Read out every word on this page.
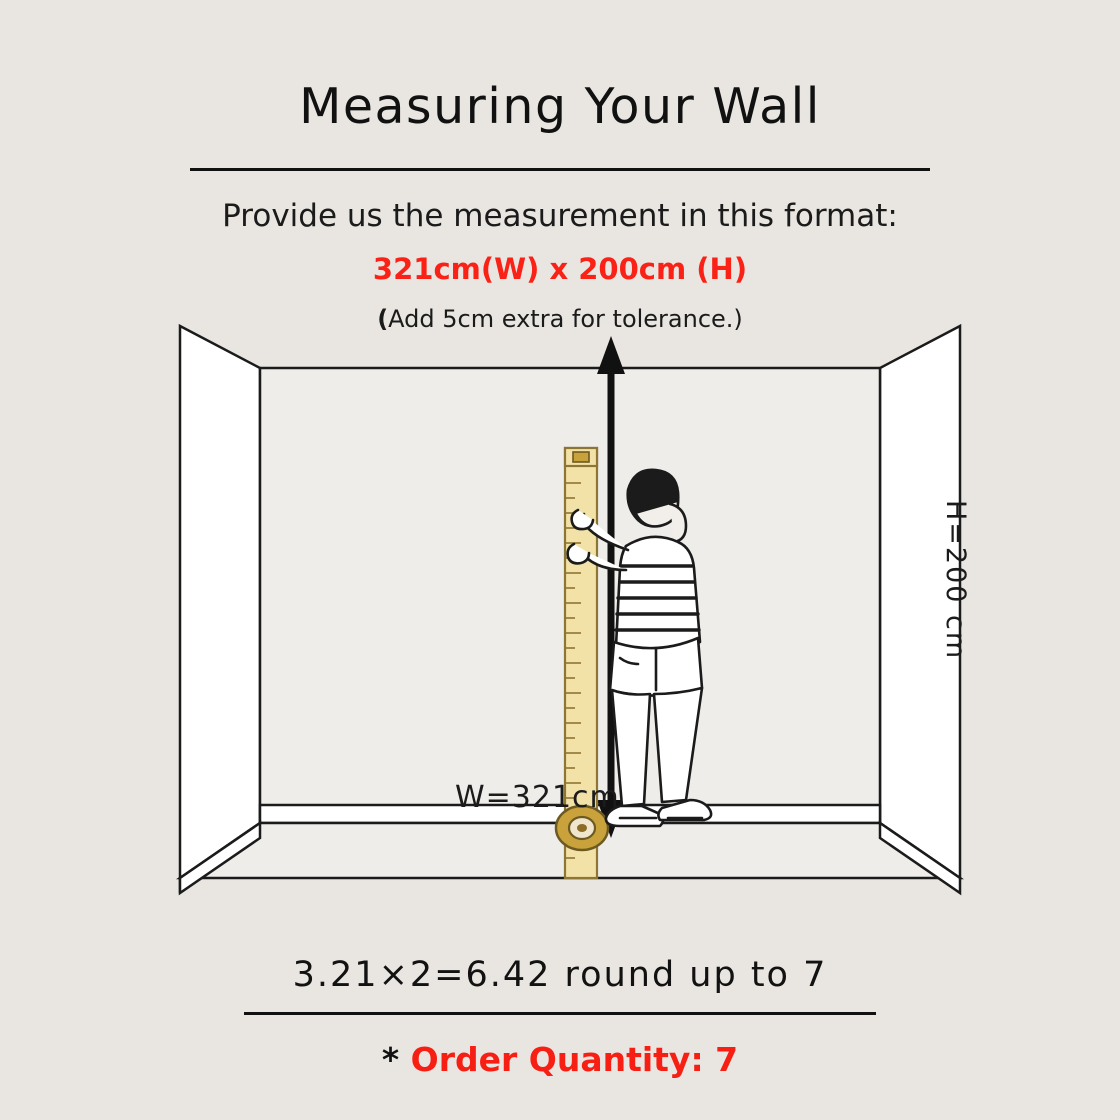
Measuring Your Wall
Provide us the measurement in this format:
321cm(W) x 200cm (H)
(Add 5cm extra for tolerance.)
W=321cm
H=200 cm
3.21×2=6.42 round up to 7
* Order Quantity: 7
